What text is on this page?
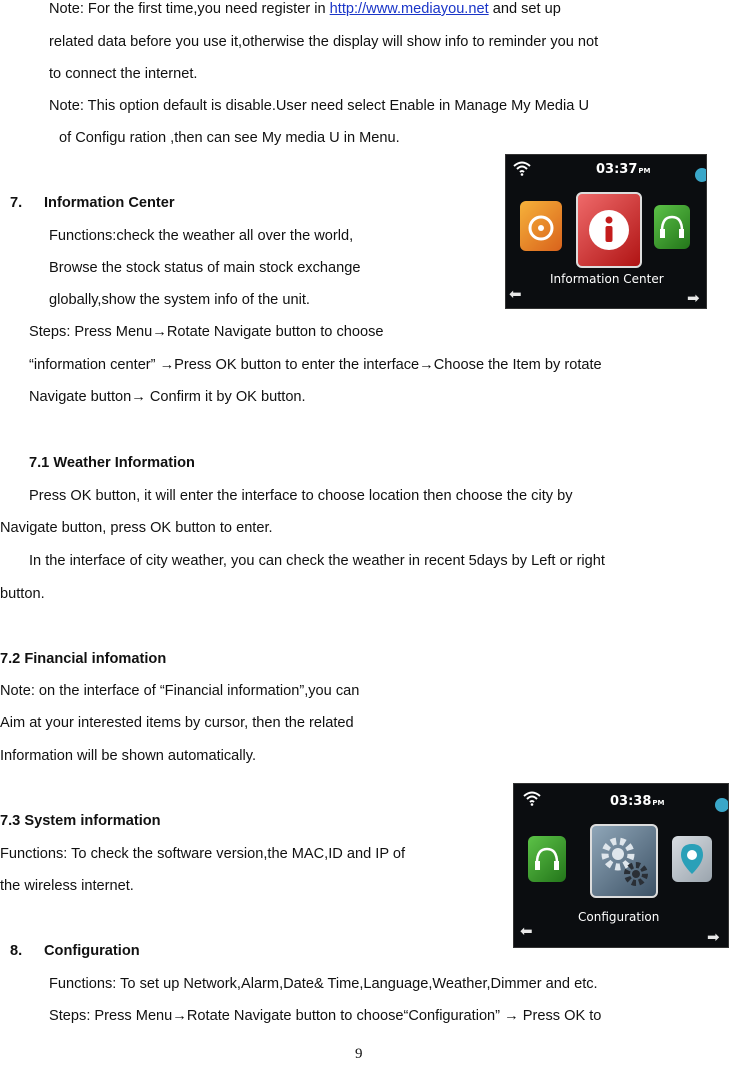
Note: For the first time,you need register in http://www.mediayou.net and set up
related data before you use it,otherwise the display will show info to reminder you not
to connect the internet.
Note: This option default is disable.User need select Enable in Manage My Media U
of Configu ration ,then can see My media U in Menu.
7. Information Center
Functions:check the weather all over the world,
Browse the stock status of main stock exchange
globally,show the system info of the unit.
Steps: Press Menu→Rotate Navigate button to choose
“information center” →Press OK button to enter the interface→Choose the Item by rotate
Navigate button→ Confirm it by OK button.
03:37PM
Information Center
⬅	➡
7.1 Weather Information
Press OK button, it will enter the interface to choose location then choose the city by
Navigate button, press OK button to enter.
In the interface of city weather, you can check the weather in recent 5days by Left or right
button.
7.2 Financial infomation
Note: on the interface of “Financial information”,you can
Aim at your interested items by cursor, then the related
Information will be shown automatically.
7.3 System information
Functions: To check the software version,the MAC,ID and IP of
the wireless internet.
03:38PM
Configuration
⬅	➡
8. Configuration
Functions: To set up Network,Alarm,Date& Time,Language,Weather,Dimmer and etc.
Steps: Press Menu→Rotate Navigate button to choose“Configuration” → Press OK to
9
